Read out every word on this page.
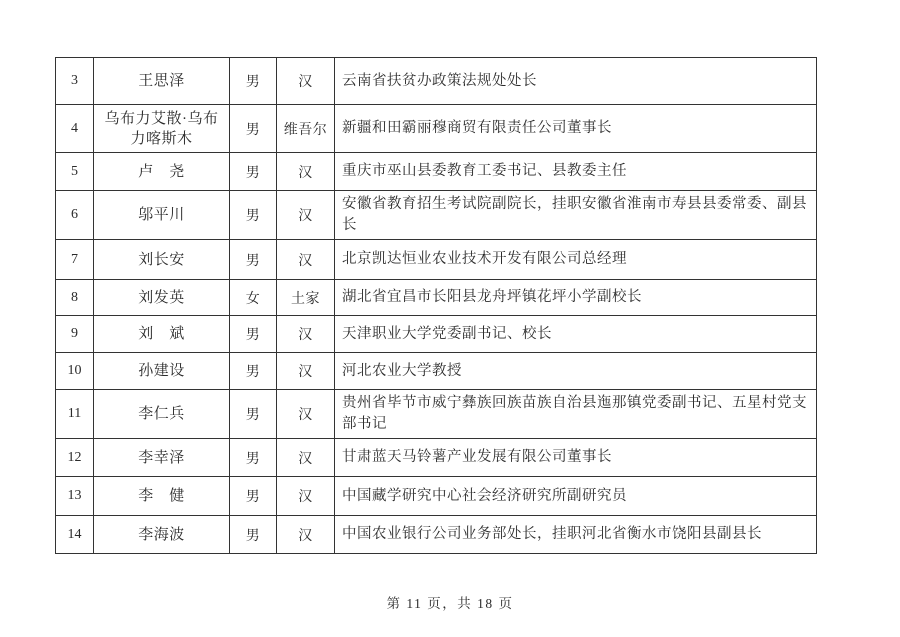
3	王思泽	男	汉	云南省扶贫办政策法规处处长
4	乌布力艾散·乌布力喀斯木	男	维吾尔	新疆和田霸丽穆商贸有限责任公司董事长
5	卢　尧	男	汉	重庆市巫山县委教育工委书记、县教委主任
6	邬平川	男	汉	安徽省教育招生考试院副院长，挂职安徽省淮南市寿县县委常委、副县长
7	刘长安	男	汉	北京凯达恒业农业技术开发有限公司总经理
8	刘发英	女	土家	湖北省宜昌市长阳县龙舟坪镇花坪小学副校长
9	刘　斌	男	汉	天津职业大学党委副书记、校长
10	孙建设	男	汉	河北农业大学教授
11	李仁兵	男	汉	贵州省毕节市威宁彝族回族苗族自治县迤那镇党委副书记、五星村党支部书记
12	李幸泽	男	汉	甘肃蓝天马铃薯产业发展有限公司董事长
13	李　健	男	汉	中国藏学研究中心社会经济研究所副研究员
14	李海波	男	汉	中国农业银行公司业务部处长，挂职河北省衡水市饶阳县副县长
第 11 页，共 18 页
